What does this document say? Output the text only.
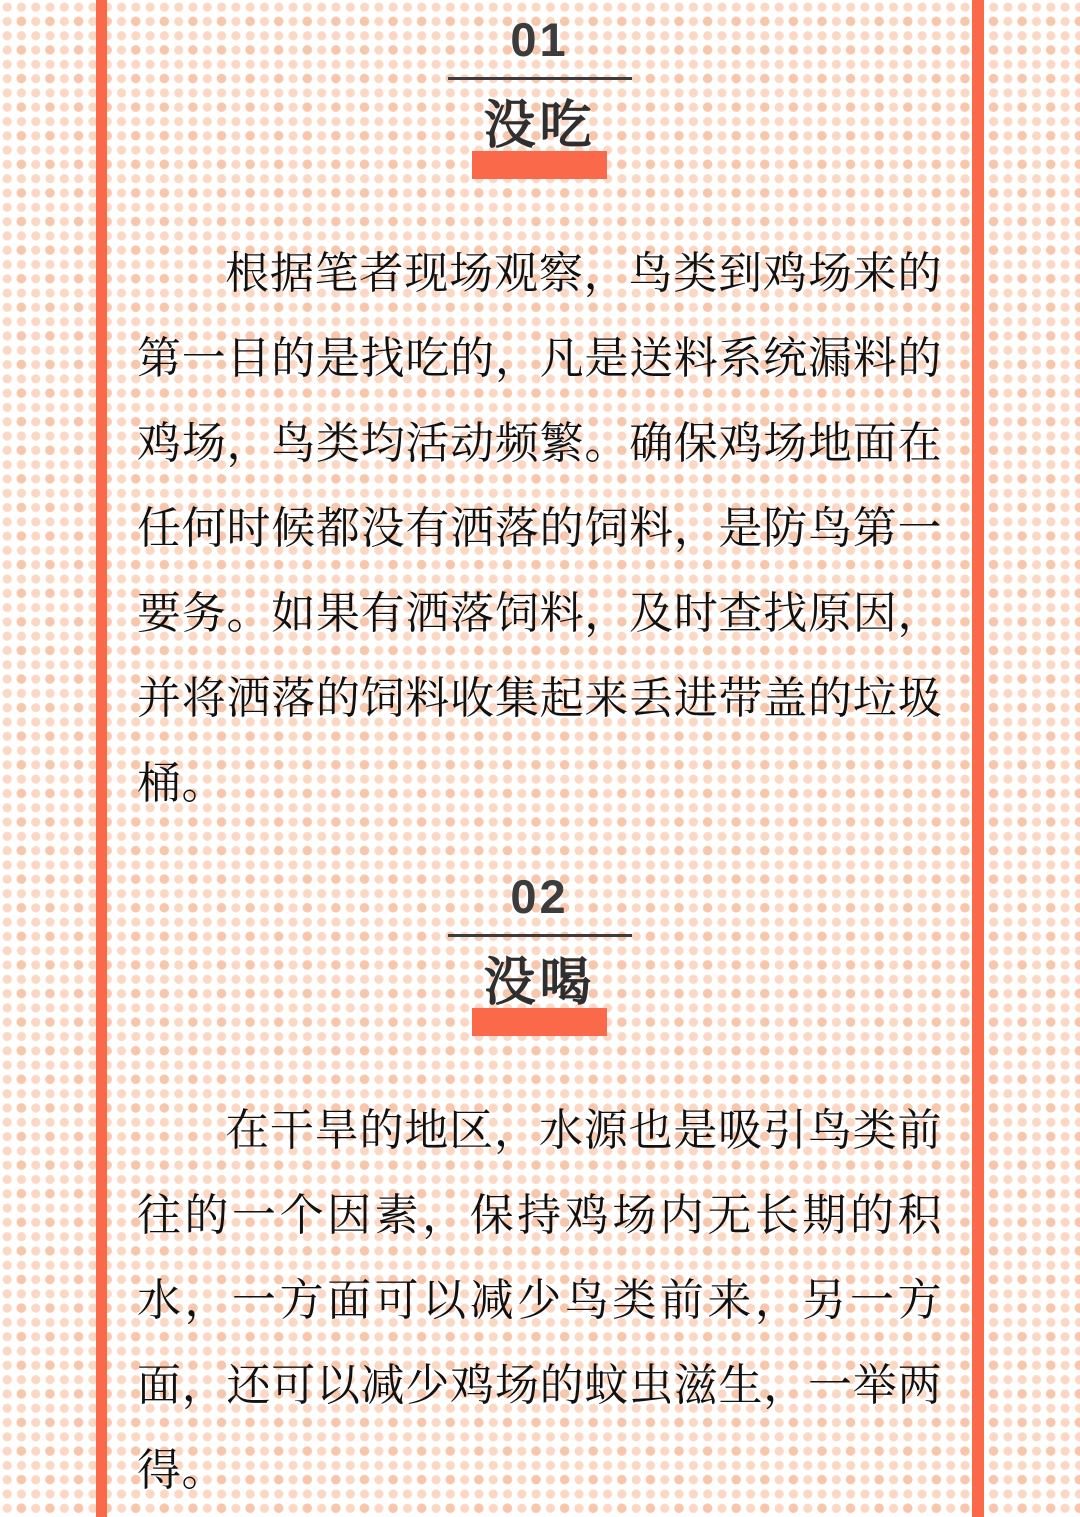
01
没吃
根据笔者现场观察，鸟类到鸡场来的第一目的是找吃的，凡是送料系统漏料的鸡场，鸟类均活动频繁。确保鸡场地面在任何时候都没有洒落的饲料，是防鸟第一要务。如果有洒落饲料，及时查找原因，并将洒落的饲料收集起来丢进带盖的垃圾桶。
02
没喝
在干旱的地区，水源也是吸引鸟类前往的一个因素，保持鸡场内无长期的积水，一方面可以减少鸟类前来，另一方面，还可以减少鸡场的蚊虫滋生，一举两得。
